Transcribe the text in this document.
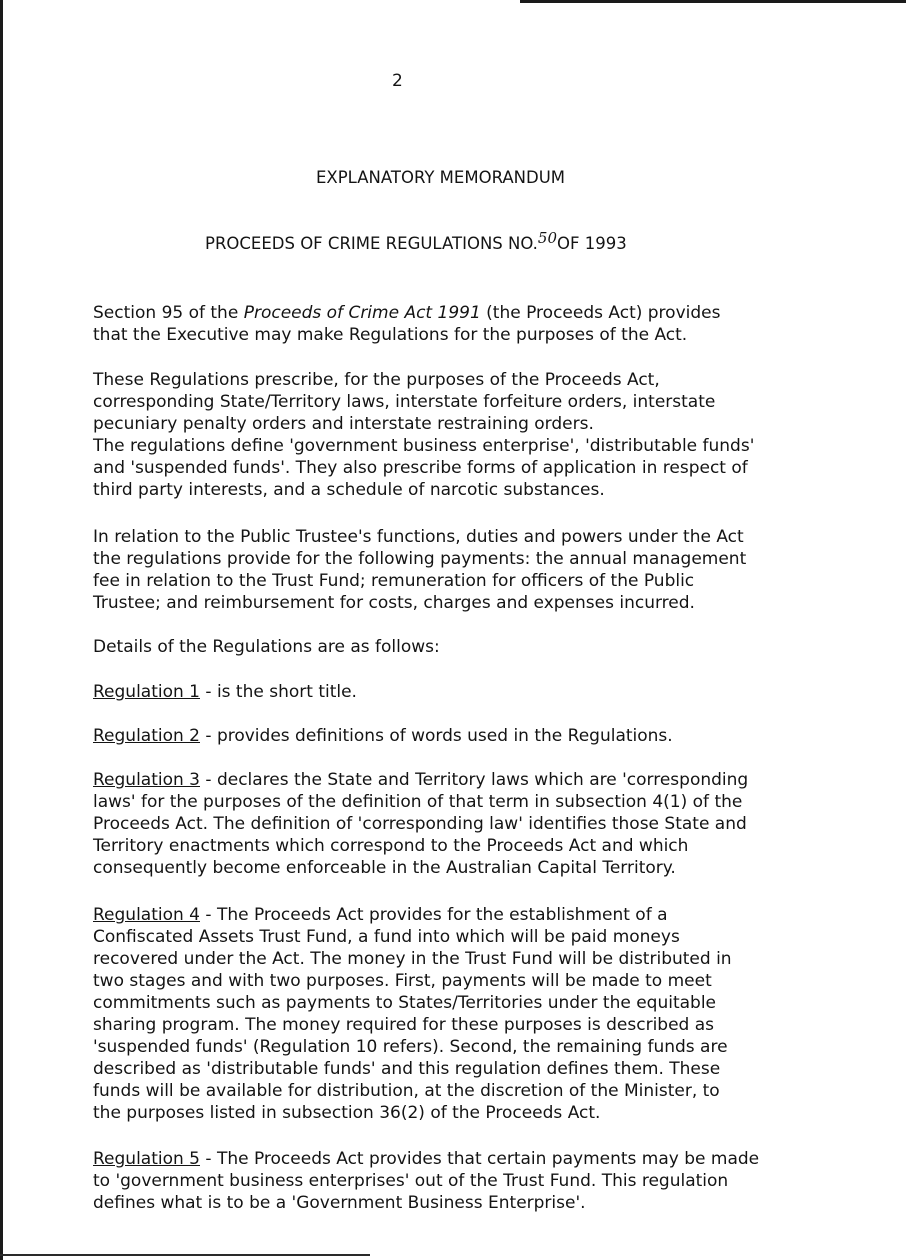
2
EXPLANATORY MEMORANDUM
PROCEEDS OF CRIME REGULATIONS NO.50OF 1993
Section 95 of the Proceeds of Crime Act 1991 (the Proceeds Act) provides
that the Executive may make Regulations for the purposes of the Act.
These Regulations prescribe, for the purposes of the Proceeds Act,
corresponding State/Territory laws, interstate forfeiture orders, interstate
pecuniary penalty orders and interstate restraining orders.
The regulations define 'government business enterprise', 'distributable funds'
and 'suspended funds'. They also prescribe forms of application in respect of
third party interests, and a schedule of narcotic substances.
In relation to the Public Trustee's functions, duties and powers under the Act
the regulations provide for the following payments: the annual management
fee in relation to the Trust Fund; remuneration for officers of the Public
Trustee; and reimbursement for costs, charges and expenses incurred.
Details of the Regulations are as follows:
Regulation 1 - is the short title.
Regulation 2 - provides definitions of words used in the Regulations.
Regulation 3 - declares the State and Territory laws which are 'corresponding
laws' for the purposes of the definition of that term in subsection 4(1) of the
Proceeds Act. The definition of 'corresponding law' identifies those State and
Territory enactments which correspond to the Proceeds Act and which
consequently become enforceable in the Australian Capital Territory.
Regulation 4 - The Proceeds Act provides for the establishment of a
Confiscated Assets Trust Fund, a fund into which will be paid moneys
recovered under the Act. The money in the Trust Fund will be distributed in
two stages and with two purposes. First, payments will be made to meet
commitments such as payments to States/Territories under the equitable
sharing program. The money required for these purposes is described as
'suspended funds' (Regulation 10 refers). Second, the remaining funds are
described as 'distributable funds' and this regulation defines them. These
funds will be available for distribution, at the discretion of the Minister, to
the purposes listed in subsection 36(2) of the Proceeds Act.
Regulation 5 - The Proceeds Act provides that certain payments may be made
to 'government business enterprises' out of the Trust Fund. This regulation
defines what is to be a 'Government Business Enterprise'.
